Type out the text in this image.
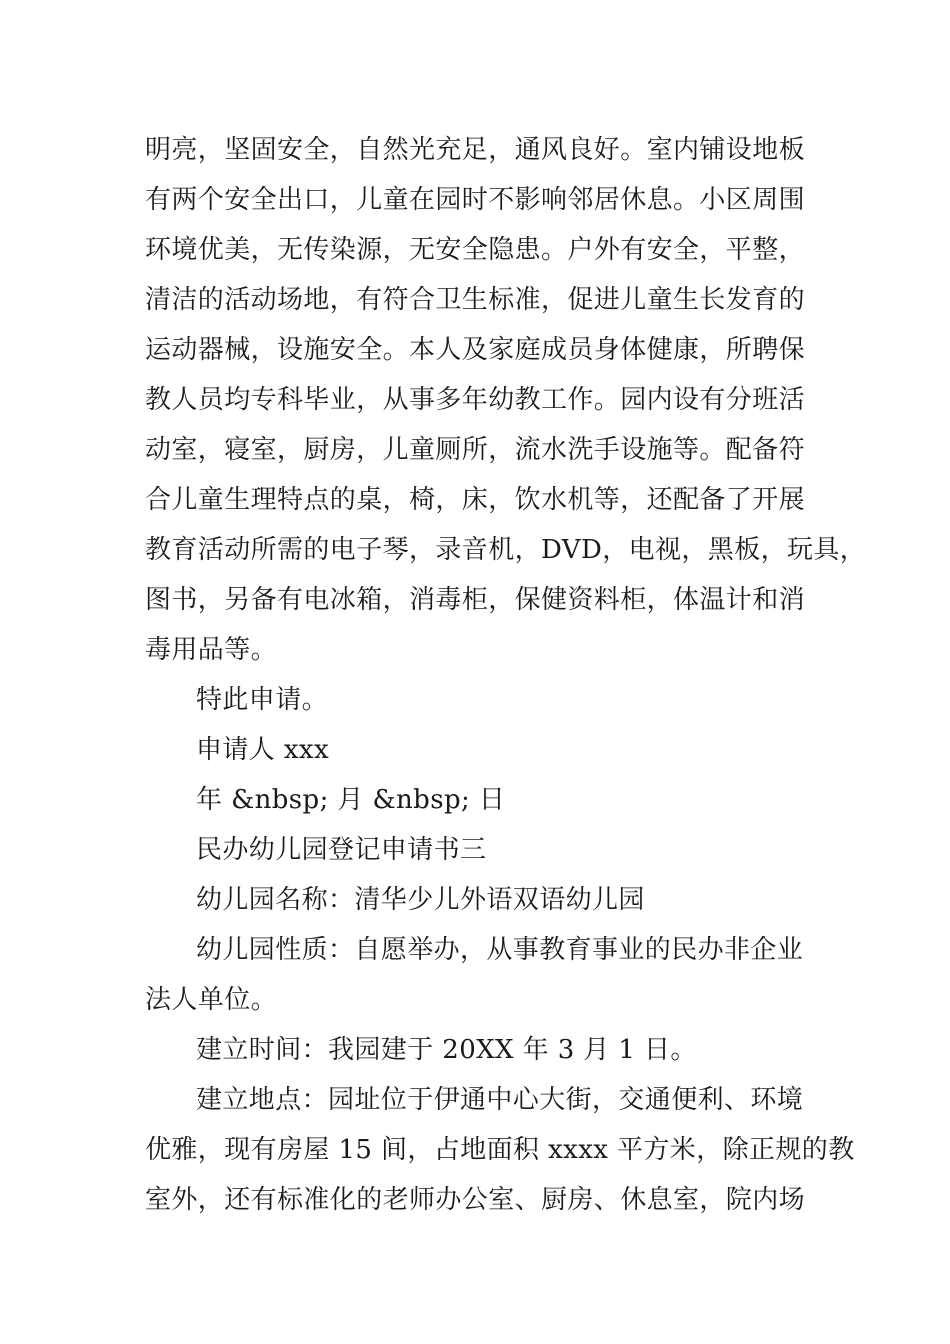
明亮，坚固安全，自然光充足，通风良好。室内铺设地板
有两个安全出口，儿童在园时不影响邻居休息。小区周围
环境优美，无传染源，无安全隐患。户外有安全，平整，
清洁的活动场地，有符合卫生标准，促进儿童生长发育的
运动器械，设施安全。本人及家庭成员身体健康，所聘保
教人员均专科毕业，从事多年幼教工作。园内设有分班活
动室，寝室，厨房，儿童厕所，流水洗手设施等。配备符
合儿童生理特点的桌，椅，床，饮水机等，还配备了开展
教育活动所需的电子琴，录音机，DVD，电视，黑板，玩具，
图书，另备有电冰箱，消毒柜，保健资料柜，体温计和消
毒用品等。
特此申请。
申请人 xxx
年 &nbsp; 月 &nbsp; 日
民办幼儿园登记申请书三
幼儿园名称：清华少儿外语双语幼儿园
幼儿园性质：自愿举办，从事教育事业的民办非企业
法人单位。
建立时间：我园建于 20XX 年 3 月 1 日。
建立地点：园址位于伊通中心大街，交通便利、环境
优雅，现有房屋 15 间，占地面积 xxxx 平方米，除正规的教
室外，还有标准化的老师办公室、厨房、休息室，院内场
